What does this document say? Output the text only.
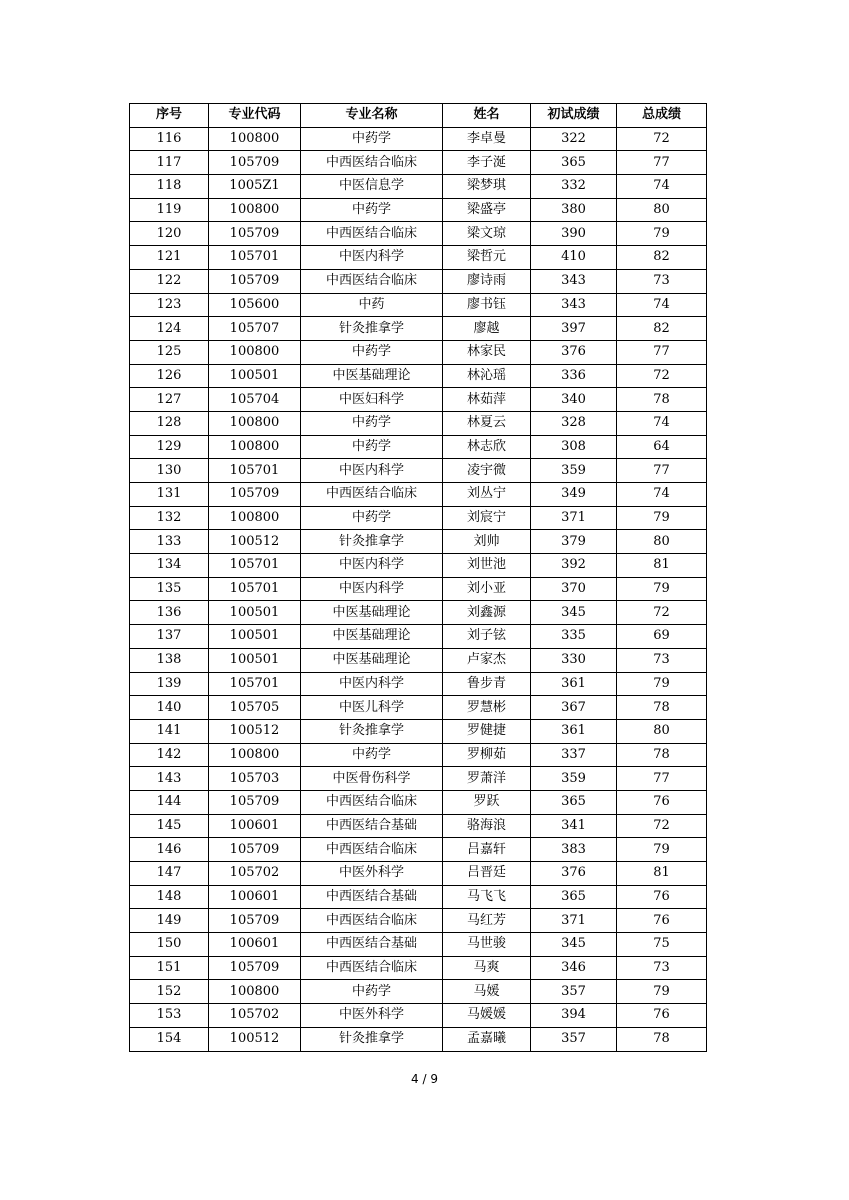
序号	专业代码	专业名称	姓名	初试成绩	总成绩
116	100800	中药学	李卓曼	322	72
117	105709	中西医结合临床	李子涎	365	77
118	1005Z1	中医信息学	梁梦琪	332	74
119	100800	中药学	梁盛亭	380	80
120	105709	中西医结合临床	梁文琼	390	79
121	105701	中医内科学	梁哲元	410	82
122	105709	中西医结合临床	廖诗雨	343	73
123	105600	中药	廖书钰	343	74
124	105707	针灸推拿学	廖越	397	82
125	100800	中药学	林家民	376	77
126	100501	中医基础理论	林沁瑶	336	72
127	105704	中医妇科学	林茹萍	340	78
128	100800	中药学	林夏云	328	74
129	100800	中药学	林志欣	308	64
130	105701	中医内科学	凌宇微	359	77
131	105709	中西医结合临床	刘丛宁	349	74
132	100800	中药学	刘宸宁	371	79
133	100512	针灸推拿学	刘帅	379	80
134	105701	中医内科学	刘世池	392	81
135	105701	中医内科学	刘小亚	370	79
136	100501	中医基础理论	刘鑫源	345	72
137	100501	中医基础理论	刘子铉	335	69
138	100501	中医基础理论	卢家杰	330	73
139	105701	中医内科学	鲁步青	361	79
140	105705	中医儿科学	罗慧彬	367	78
141	100512	针灸推拿学	罗健捷	361	80
142	100800	中药学	罗柳茹	337	78
143	105703	中医骨伤科学	罗萧洋	359	77
144	105709	中西医结合临床	罗跃	365	76
145	100601	中西医结合基础	骆海浪	341	72
146	105709	中西医结合临床	吕嘉轩	383	79
147	105702	中医外科学	吕晋廷	376	81
148	100601	中西医结合基础	马飞飞	365	76
149	105709	中西医结合临床	马红芳	371	76
150	100601	中西医结合基础	马世骏	345	75
151	105709	中西医结合临床	马爽	346	73
152	100800	中药学	马媛	357	79
153	105702	中医外科学	马媛媛	394	76
154	100512	针灸推拿学	孟嘉曦	357	78
4 / 9
